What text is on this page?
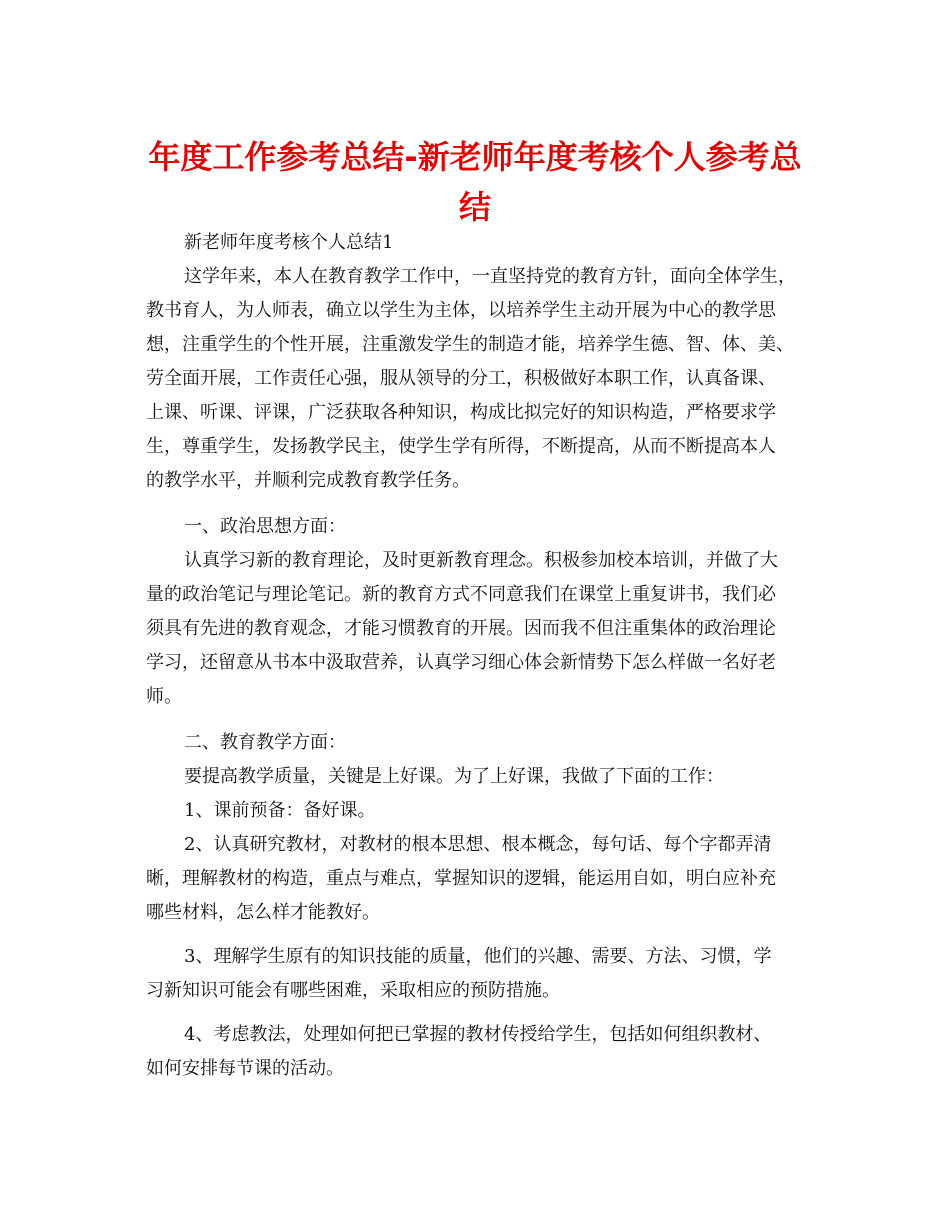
年度工作参考总结-新老师年度考核个人参考总
结
新老师年度考核个人总结1
这学年来，本人在教育教学工作中，一直坚持党的教育方针，面向全体学生，
教书育人，为人师表，确立以学生为主体，以培养学生主动开展为中心的教学思
想，注重学生的个性开展，注重激发学生的制造才能，培养学生德、智、体、美、
劳全面开展，工作责任心强，服从领导的分工，积极做好本职工作，认真备课、
上课、听课、评课，广泛获取各种知识，构成比拟完好的知识构造，严格要求学
生，尊重学生，发扬教学民主，使学生学有所得，不断提高，从而不断提高本人
的教学水平，并顺利完成教育教学任务。
一、政治思想方面：
认真学习新的教育理论，及时更新教育理念。积极参加校本培训，并做了大
量的政治笔记与理论笔记。新的教育方式不同意我们在课堂上重复讲书，我们必
须具有先进的教育观念，才能习惯教育的开展。因而我不但注重集体的政治理论
学习，还留意从书本中汲取营养，认真学习细心体会新情势下怎么样做一名好老
师。
二、教育教学方面：
要提高教学质量，关键是上好课。为了上好课，我做了下面的工作：
1、课前预备：备好课。
2、认真研究教材，对教材的根本思想、根本概念，每句话、每个字都弄清
晰，理解教材的构造，重点与难点，掌握知识的逻辑，能运用自如，明白应补充
哪些材料，怎么样才能教好。
3、理解学生原有的知识技能的质量，他们的兴趣、需要、方法、习惯，学
习新知识可能会有哪些困难，采取相应的预防措施。
4、考虑教法，处理如何把已掌握的教材传授给学生，包括如何组织教材、
如何安排每节课的活动。
